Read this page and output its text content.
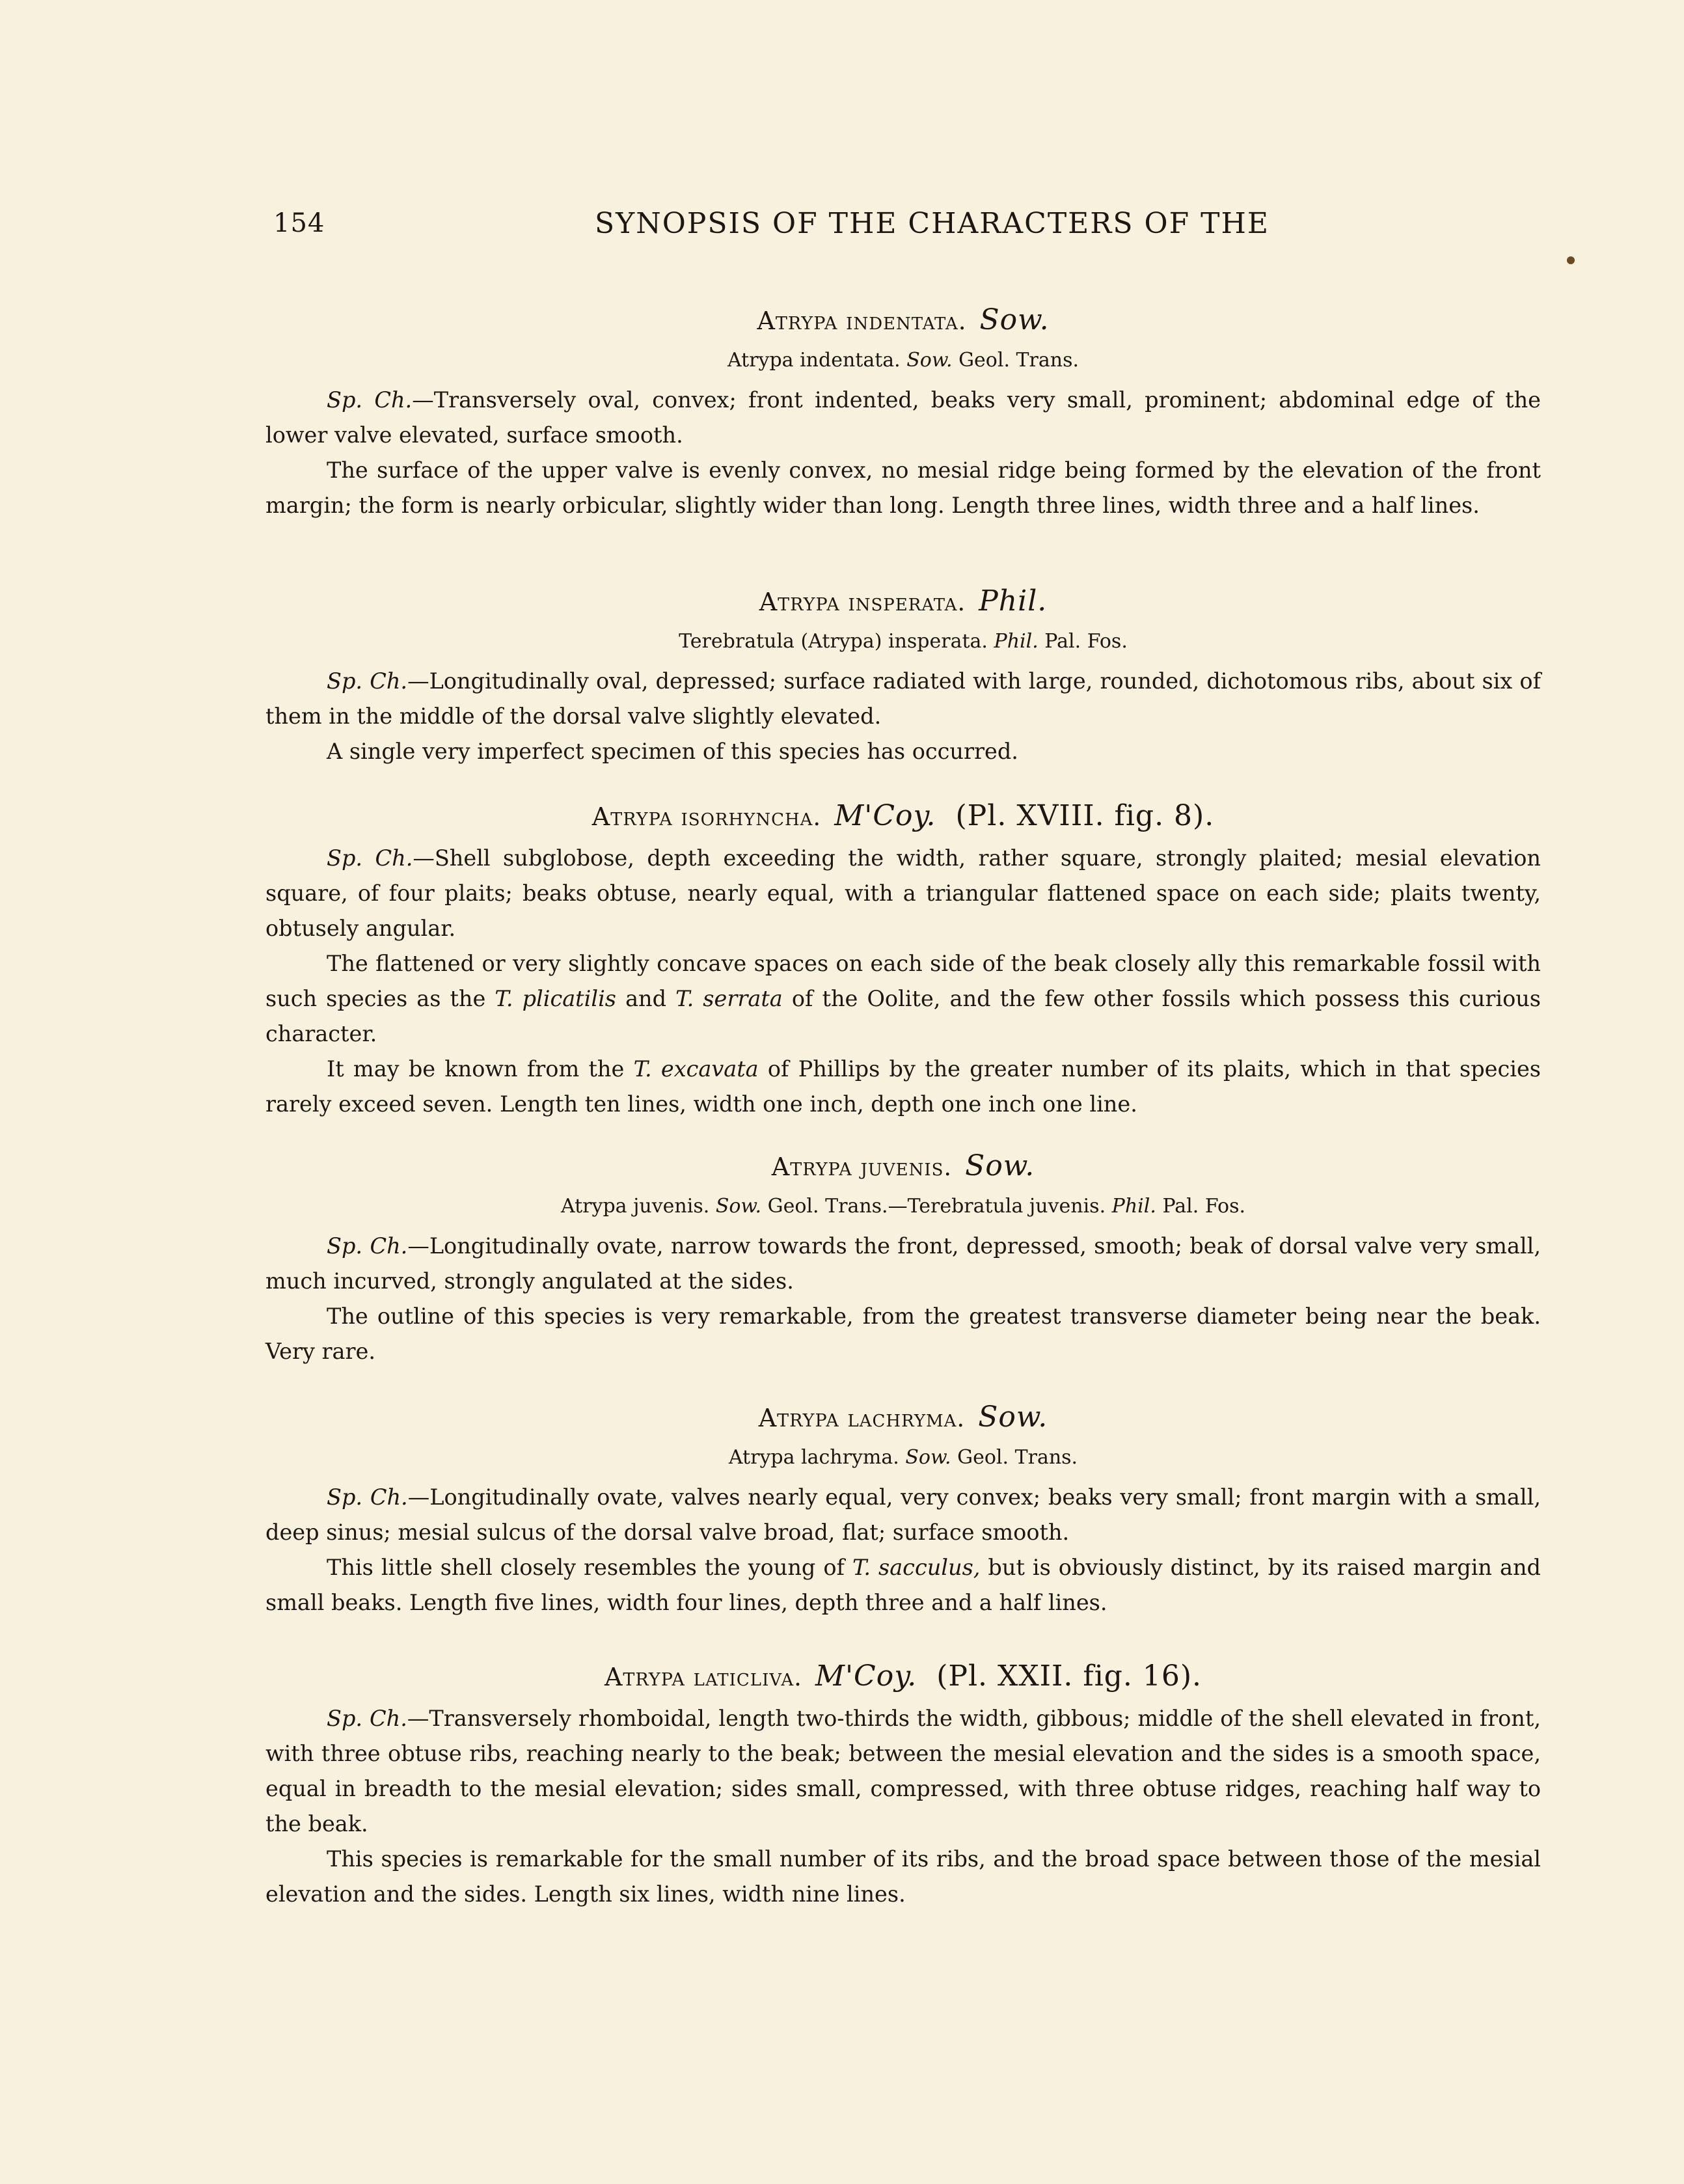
154	SYNOPSIS OF THE CHARACTERS OF THE

Atrypa indentata. Sow.

Atrypa indentata. Sow. Geol. Trans.

Sp. Ch.—Transversely oval, convex; front indented, beaks very small, prominent; abdominal edge of the lower valve elevated, surface smooth.

The surface of the upper valve is evenly convex, no mesial ridge being formed by the elevation of the front margin; the form is nearly orbicular, slightly wider than long. Length three lines, width three and a half lines.

Atrypa insperata. Phil.

Terebratula (Atrypa) insperata. Phil. Pal. Fos.

Sp. Ch.—Longitudinally oval, depressed; surface radiated with large, rounded, dichotomous ribs, about six of them in the middle of the dorsal valve slightly elevated.

A single very imperfect specimen of this species has occurred.

Atrypa isorhyncha. M'Coy. (Pl. XVIII. fig. 8).

Sp. Ch.—Shell subglobose, depth exceeding the width, rather square, strongly plaited; mesial elevation square, of four plaits; beaks obtuse, nearly equal, with a triangular flattened space on each side; plaits twenty, obtusely angular.

The flattened or very slightly concave spaces on each side of the beak closely ally this remarkable fossil with such species as the T. plicatilis and T. serrata of the Oolite, and the few other fossils which possess this curious character.

It may be known from the T. excavata of Phillips by the greater number of its plaits, which in that species rarely exceed seven. Length ten lines, width one inch, depth one inch one line.

Atrypa juvenis. Sow.

Atrypa juvenis. Sow. Geol. Trans.—Terebratula juvenis. Phil. Pal. Fos.

Sp. Ch.—Longitudinally ovate, narrow towards the front, depressed, smooth; beak of dorsal valve very small, much incurved, strongly angulated at the sides.

The outline of this species is very remarkable, from the greatest transverse diameter being near the beak. Very rare.

Atrypa lachryma. Sow.

Atrypa lachryma. Sow. Geol. Trans.

Sp. Ch.—Longitudinally ovate, valves nearly equal, very convex; beaks very small; front margin with a small, deep sinus; mesial sulcus of the dorsal valve broad, flat; surface smooth.

This little shell closely resembles the young of T. sacculus, but is obviously distinct, by its raised margin and small beaks. Length five lines, width four lines, depth three and a half lines.

Atrypa laticliva. M'Coy. (Pl. XXII. fig. 16).

Sp. Ch.—Transversely rhomboidal, length two-thirds the width, gibbous; middle of the shell elevated in front, with three obtuse ribs, reaching nearly to the beak; between the mesial elevation and the sides is a smooth space, equal in breadth to the mesial elevation; sides small, compressed, with three obtuse ridges, reaching half way to the beak.

This species is remarkable for the small number of its ribs, and the broad space between those of the mesial elevation and the sides. Length six lines, width nine lines.
